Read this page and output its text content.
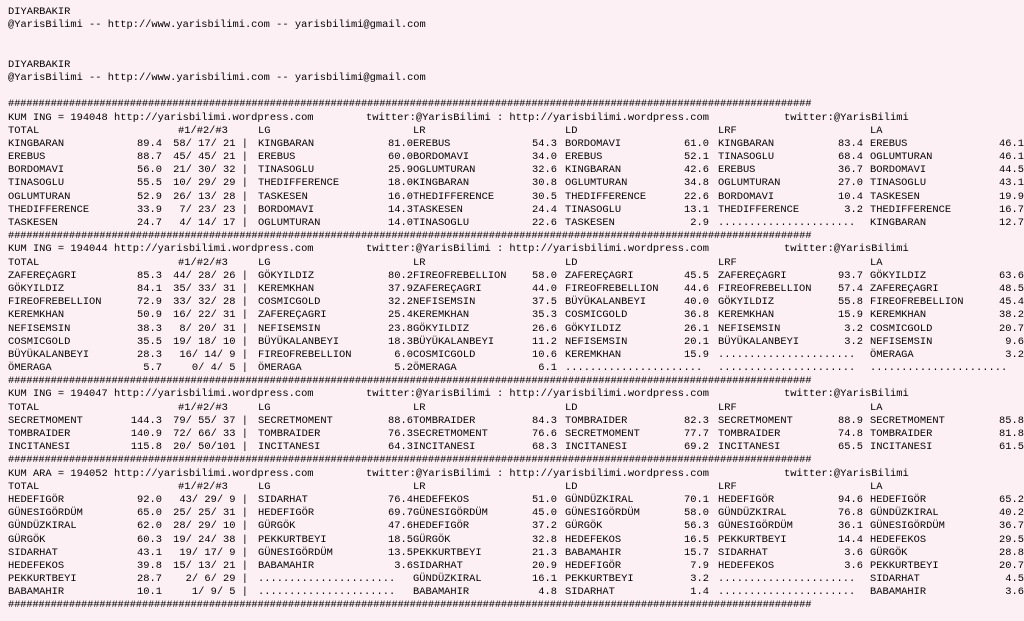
DIYARBAKIR
@YarisBilimi -- http://www.yarisbilimi.com -- yarisbilimi@gmail.com
DIYARBAKIR
@YarisBilimi -- http://www.yarisbilimi.com -- yarisbilimi@gmail.com
####################################################################################################################################
KUM ING = 194048 http://yarisbilimi.wordpress.com	twitter:@YarisBilimi : http://yarisbilimi.wordpress.com	twitter:@YarisBilimi
TOTAL	#1/#2/#3	LG	LR	LD	LRF	LA
KINGBARAN	89.4	58/ 17/ 21 | KINGBARAN	81.0 EREBUS	54.3 BORDOMAVI	61.0 KINGBARAN	83.4 EREBUS	46.1
EREBUS	88.7	45/ 45/ 21 | EREBUS	60.0 BORDOMAVI	34.0 EREBUS	52.1 TINASOGLU	68.4 OGLUMTURAN	46.1
BORDOMAVI	56.0	21/ 30/ 32 | TINASOGLU	25.9 OGLUMTURAN	32.6 KINGBARAN	42.6 EREBUS	36.7 BORDOMAVI	44.5
TINASOGLU	55.5	10/ 29/ 29 | THEDIFFERENCE	18.0 KINGBARAN	30.8 OGLUMTURAN	34.8 OGLUMTURAN	27.0 TINASOGLU	43.1
OGLUMTURAN	52.9	26/ 13/ 28 | TASKESEN	16.0 THEDIFFERENCE	30.5 THEDIFFERENCE	22.6 BORDOMAVI	10.4 TASKESEN	19.9
THEDIFFERENCE	33.9	7/ 23/ 23 | BORDOMAVI	14.3 TASKESEN	24.4 TINASOGLU	13.1 THEDIFFERENCE	3.2 THEDIFFERENCE	16.7
TASKESEN	24.7	4/ 14/ 17 | OGLUMTURAN	14.0 TINASOGLU	22.6 TASKESEN	2.9 ...................... KINGBARAN	12.7
####################################################################################################################################
KUM ING = 194044 http://yarisbilimi.wordpress.com	twitter:@YarisBilimi : http://yarisbilimi.wordpress.com	twitter:@YarisBilimi
TOTAL	#1/#2/#3	LG	LR	LD	LRF	LA
ZAFEREÇAGRI	85.3	44/ 28/ 26 | GÖKYILDIZ	80.2 FIREOFREBELLION	58.0 ZAFEREÇAGRI	45.5 ZAFEREÇAGRI	93.7 GÖKYILDIZ	63.6
GÖKYILDIZ	84.1	35/ 33/ 31 | KEREMKHAN	37.9 ZAFEREÇAGRI	44.0 FIREOFREBELLION	44.6 FIREOFREBELLION	57.4 ZAFEREÇAGRI	48.5
FIREOFREBELLION	72.9	33/ 32/ 28 | COSMICGOLD	32.2 NEFISEMSIN	37.5 BÜYÜKALANBEYI	40.0 GÖKYILDIZ	55.8 FIREOFREBELLION	45.4
KEREMKHAN	50.9	16/ 22/ 31 | ZAFEREÇAGRI	25.4 KEREMKHAN	35.3 COSMICGOLD	36.8 KEREMKHAN	15.9 KEREMKHAN	38.2
NEFISEMSIN	38.3	8/ 20/ 31 | NEFISEMSIN	23.8 GÖKYILDIZ	26.6 GÖKYILDIZ	26.1 NEFISEMSIN	3.2 COSMICGOLD	20.7
COSMICGOLD	35.5	19/ 18/ 10 | BÜYÜKALANBEYI	18.3 BÜYÜKALANBEYI	11.2 NEFISEMSIN	20.1 BÜYÜKALANBEYI	3.2 NEFISEMSIN	9.6
BÜYÜKALANBEYI	28.3	16/ 14/ 9 | FIREOFREBELLION	6.0 COSMICGOLD	10.6 KEREMKHAN	15.9 ...................... ÖMERAGA	3.2
ÖMERAGA	5.7	0/ 4/ 5 | ÖMERAGA	5.2 ÖMERAGA	6.1 ...................... ...................... ......................
####################################################################################################################################
KUM ING = 194047 http://yarisbilimi.wordpress.com	twitter:@YarisBilimi : http://yarisbilimi.wordpress.com	twitter:@YarisBilimi
TOTAL	#1/#2/#3	LG	LR	LD	LRF	LA
SECRETMOMENT	144.3	79/ 55/ 37 | SECRETMOMENT	88.6 TOMBRAIDER	84.3 TOMBRAIDER	82.3 SECRETMOMENT	88.9 SECRETMOMENT	85.8
TOMBRAIDER	140.9	72/ 66/ 33 | TOMBRAIDER	76.3 SECRETMOMENT	76.6 SECRETMOMENT	77.7 TOMBRAIDER	74.8 TOMBRAIDER	81.8
INCITANESI	115.8	20/ 50/101 | INCITANESI	64.3 INCITANESI	68.3 INCITANESI	69.2 INCITANESI	65.5 INCITANESI	61.5
####################################################################################################################################
KUM ARA = 194052 http://yarisbilimi.wordpress.com	twitter:@YarisBilimi : http://yarisbilimi.wordpress.com	twitter:@YarisBilimi
TOTAL	#1/#2/#3	LG	LR	LD	LRF	LA
HEDEFIGÖR	92.0	43/ 29/ 9 | SIDARHAT	76.4 HEDEFEKOS	51.0 GÜNDÜZKIRAL	70.1 HEDEFIGÖR	94.6 HEDEFIGÖR	65.2
GÜNESIGÖRDÜM	65.0	25/ 25/ 31 | HEDEFIGÖR	69.7 GÜNESIGÖRDÜM	45.0 GÜNESIGÖRDÜM	58.0 GÜNDÜZKIRAL	76.8 GÜNDÜZKIRAL	40.2
GÜNDÜZKIRAL	62.0	28/ 29/ 10 | GÜRGÖK	47.6 HEDEFIGÖR	37.2 GÜRGÖK	56.3 GÜNESIGÖRDÜM	36.1 GÜNESIGÖRDÜM	36.7
GÜRGÖK	60.3	19/ 24/ 38 | PEKKURTBEYI	18.5 GÜRGÖK	32.8 HEDEFEKOS	16.5 PEKKURTBEYI	14.4 HEDEFEKOS	29.5
SIDARHAT	43.1	19/ 17/ 9 | GÜNESIGÖRDÜM	13.5 PEKKURTBEYI	21.3 BABAMAHIR	15.7 SIDARHAT	3.6 GÜRGÖK	28.8
HEDEFEKOS	39.8	15/ 13/ 21 | BABAMAHIR	3.6 SIDARHAT	20.9 HEDEFIGÖR	7.9 HEDEFEKOS	3.6 PEKKURTBEYI	20.7
PEKKURTBEYI	28.7	2/ 6/ 29 | ...................... GÜNDÜZKIRAL	16.1 PEKKURTBEYI	3.2 ...................... SIDARHAT	4.5
BABAMAHIR	10.1	1/ 9/ 5 | ...................... BABAMAHIR	4.8 SIDARHAT	1.4 ...................... BABAMAHIR	3.6
####################################################################################################################################
